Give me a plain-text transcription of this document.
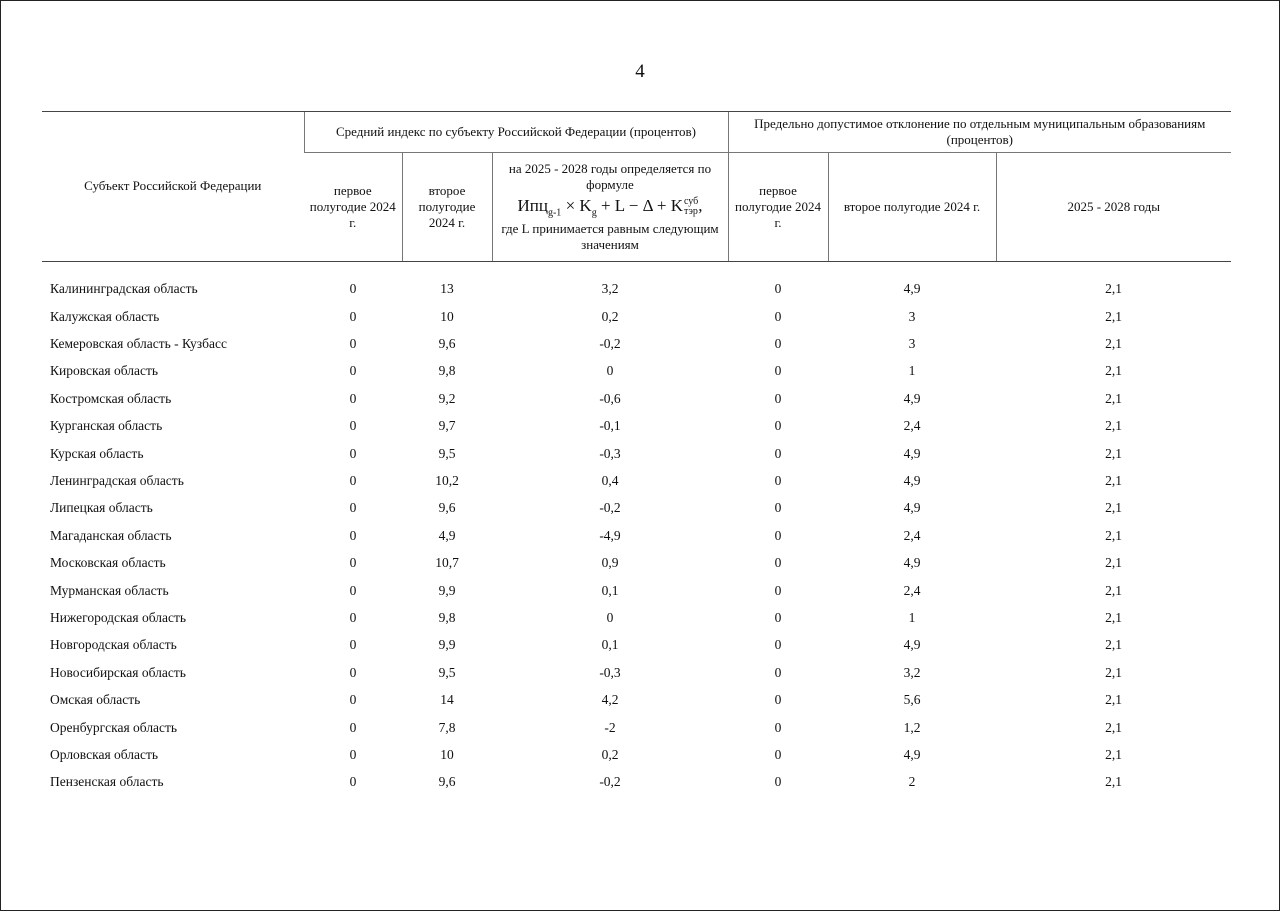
4
Субъект Российской Федерации	Средний индекс по субъекту Российской Федерации (процентов)			Предельно допустимое отклонение по отдельным муниципальным образованиям (процентов)		
	первое полугодие 2024 г.	второе полугодие 2024 г.	на 2025 - 2028 годы определяется по формуле
$Ипц_{g-1} \times K_g + L - \Delta$ + Kсуб
тэр,
где L принимается равным следующим значениям	первое полугодие 2024 г.	второе полугодие 2024 г.	2025 - 2028 годы

Калининградская область	0	13	3,2	0	4,9	2,1
Калужская область	0	10	0,2	0	3	2,1
Кемеровская область - Кузбасс	0	9,6	-0,2	0	3	2,1
Кировская область	0	9,8	0	0	1	2,1
Костромская область	0	9,2	-0,6	0	4,9	2,1
Курганская область	0	9,7	-0,1	0	2,4	2,1
Курская область	0	9,5	-0,3	0	4,9	2,1
Ленинградская область	0	10,2	0,4	0	4,9	2,1
Липецкая область	0	9,6	-0,2	0	4,9	2,1
Магаданская область	0	4,9	-4,9	0	2,4	2,1
Московская область	0	10,7	0,9	0	4,9	2,1
Мурманская область	0	9,9	0,1	0	2,4	2,1
Нижегородская область	0	9,8	0	0	1	2,1
Новгородская область	0	9,9	0,1	0	4,9	2,1
Новосибирская область	0	9,5	-0,3	0	3,2	2,1
Омская область	0	14	4,2	0	5,6	2,1
Оренбургская область	0	7,8	-2	0	1,2	2,1
Орловская область	0	10	0,2	0	4,9	2,1
Пензенская область	0	9,6	-0,2	0	2	2,1
